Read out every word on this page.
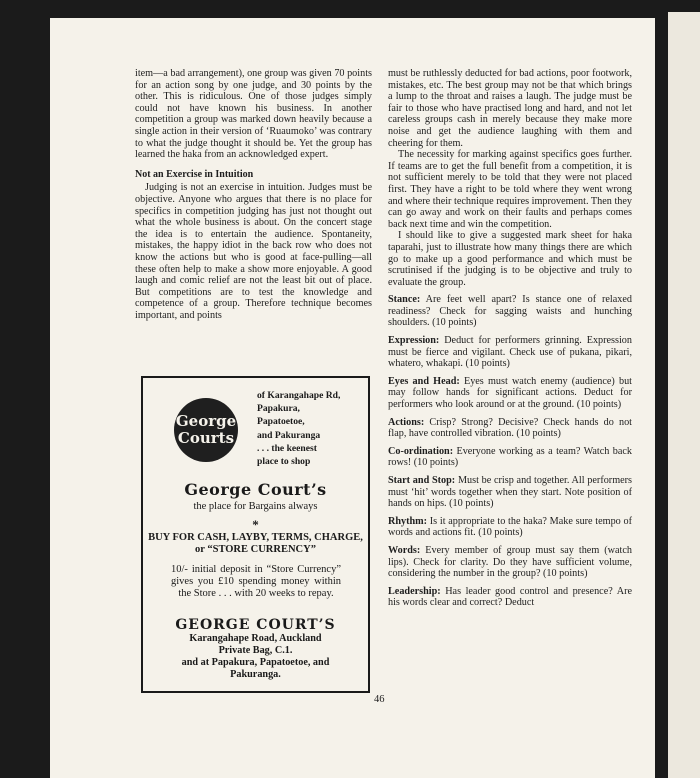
item—a bad arrangement), one group was given 70 points for an action song by one judge, and 30 points by the other. This is ridiculous. One of those judges simply could not have known his business. In another competition a group was marked down heavily because a single action in their version of ‘Ruaumoko’ was contrary to what the judge thought it should be. Yet the group has learned the haka from an acknowledged expert.

Not an Exercise in Intuition

Judging is not an exercise in intuition. Judges must be objective. Anyone who argues that there is no place for specifics in competition judging has just not thought out what the whole business is about. On the concert stage the idea is to entertain the audience. Spontaneity, mistakes, the happy idiot in the back row who does not know the actions but who is good at face-pulling—all these often help to make a show more enjoyable. A good laugh and comic relief are not the least bit out of place. But competitions are to test the knowledge and competence of a group. Therefore technique becomes important, and points

George
Courts
of Karangahape Rd,
Papakura,
Papatoetoe,
and Pakuranga
. . . the keenest
place to shop
George Court’s
the place for Bargains always
*
BUY FOR CASH, LAYBY, TERMS, CHARGE, or “STORE CURRENCY”
10/- initial deposit in “Store Currency” gives you £10 spending money within the Store . . . with 20 weeks to repay.
GEORGE COURT’S
Karangahape Road, Auckland
Private Bag, C.1.
and at Papakura, Papatoetoe, and
Pakuranga.

must be ruthlessly deducted for bad actions, poor footwork, mistakes, etc. The best group may not be that which brings a lump to the throat and raises a laugh. The judge must be fair to those who have practised long and hard, and not let careless groups cash in merely because they make more noise and get the audience laughing with them and cheering for them.

The necessity for marking against specifics goes further. If teams are to get the full benefit from a competition, it is not sufficient merely to be told that they were not placed first. They have a right to be told where they went wrong and where their technique requires improvement. Then they can go away and work on their faults and perhaps comes back next time and win the competition.

I should like to give a suggested mark sheet for haka taparahi, just to illustrate how many things there are which go to make up a good performance and which must be scrutinised if the judging is to be objective and truly to evaluate the group.

Stance: Are feet well apart? Is stance one of relaxed readiness? Check for sagging waists and hunching shoulders. (10 points)
Expression: Deduct for performers grinning. Expression must be fierce and vigilant. Check use of pukana, pikari, whatero, whakapi. (10 points)
Eyes and Head: Eyes must watch enemy (audience) but may follow hands for significant actions. Deduct for performers who look around or at the ground. (10 points)
Actions: Crisp? Strong? Decisive? Check hands do not flap, have controlled vibration. (10 points)
Co-ordination: Everyone working as a team? Watch back rows! (10 points)
Start and Stop: Must be crisp and together. All performers must ‘hit’ words together when they start. Note position of hands on hips. (10 points)
Rhythm: Is it appropriate to the haka? Make sure tempo of words and actions fit. (10 points)
Words: Every member of group must say them (watch lips). Check for clarity. Do they have sufficient volume, considering the number in the group? (10 points)
Leadership: Has leader good control and presence? Are his words clear and correct? Deduct
46
